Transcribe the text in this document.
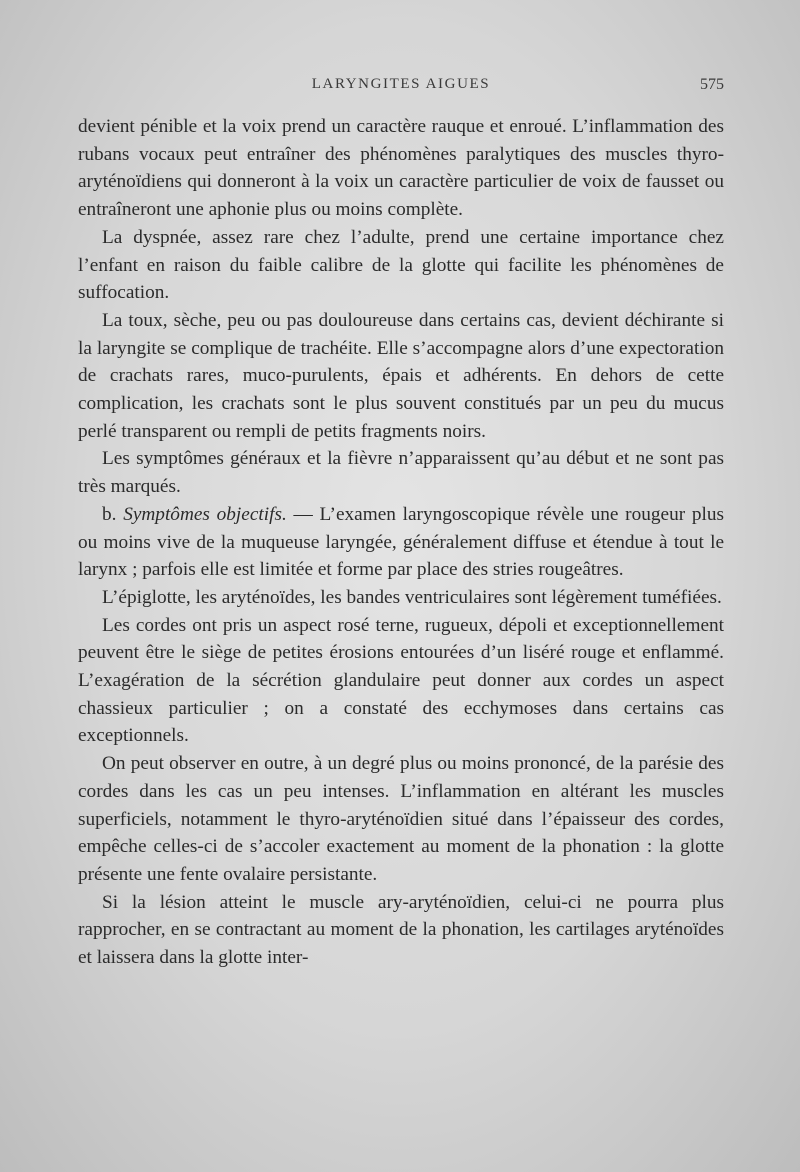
LARYNGITES AIGUES	575

devient pénible et la voix prend un caractère rauque et enroué. L’inflammation des rubans vocaux peut entraîner des phénomènes paralytiques des muscles thyro-aryténoïdiens qui donneront à la voix un caractère particulier de voix de fausset ou entraîneront une aphonie plus ou moins complète.

La dyspnée, assez rare chez l’adulte, prend une certaine importance chez l’enfant en raison du faible calibre de la glotte qui facilite les phénomènes de suffocation.

La toux, sèche, peu ou pas douloureuse dans certains cas, devient déchirante si la laryngite se complique de trachéite. Elle s’accompagne alors d’une expectoration de crachats rares, muco-purulents, épais et adhérents. En dehors de cette complication, les crachats sont le plus souvent constitués par un peu du mucus perlé transparent ou rempli de petits fragments noirs.

Les symptômes généraux et la fièvre n’apparaissent qu’au début et ne sont pas très marqués.

b. Symptômes objectifs. — L’examen laryngoscopique révèle une rougeur plus ou moins vive de la muqueuse laryngée, généralement diffuse et étendue à tout le larynx ; parfois elle est limitée et forme par place des stries rougeâtres.

L’épiglotte, les aryténoïdes, les bandes ventriculaires sont légèrement tuméfiées.

Les cordes ont pris un aspect rosé terne, rugueux, dépoli et exceptionnellement peuvent être le siège de petites érosions entourées d’un liséré rouge et enflammé. L’exagération de la sécrétion glandulaire peut donner aux cordes un aspect chassieux particulier ; on a constaté des ecchymoses dans certains cas exceptionnels.

On peut observer en outre, à un degré plus ou moins prononcé, de la parésie des cordes dans les cas un peu intenses. L’inflammation en altérant les muscles superficiels, notamment le thyro-aryténoïdien situé dans l’épaisseur des cordes, empêche celles-ci de s’accoler exactement au moment de la phonation : la glotte présente une fente ovalaire persistante.

Si la lésion atteint le muscle ary-aryténoïdien, celui-ci ne pourra plus rapprocher, en se contractant au moment de la phonation, les cartilages aryténoïdes et laissera dans la glotte inter-
